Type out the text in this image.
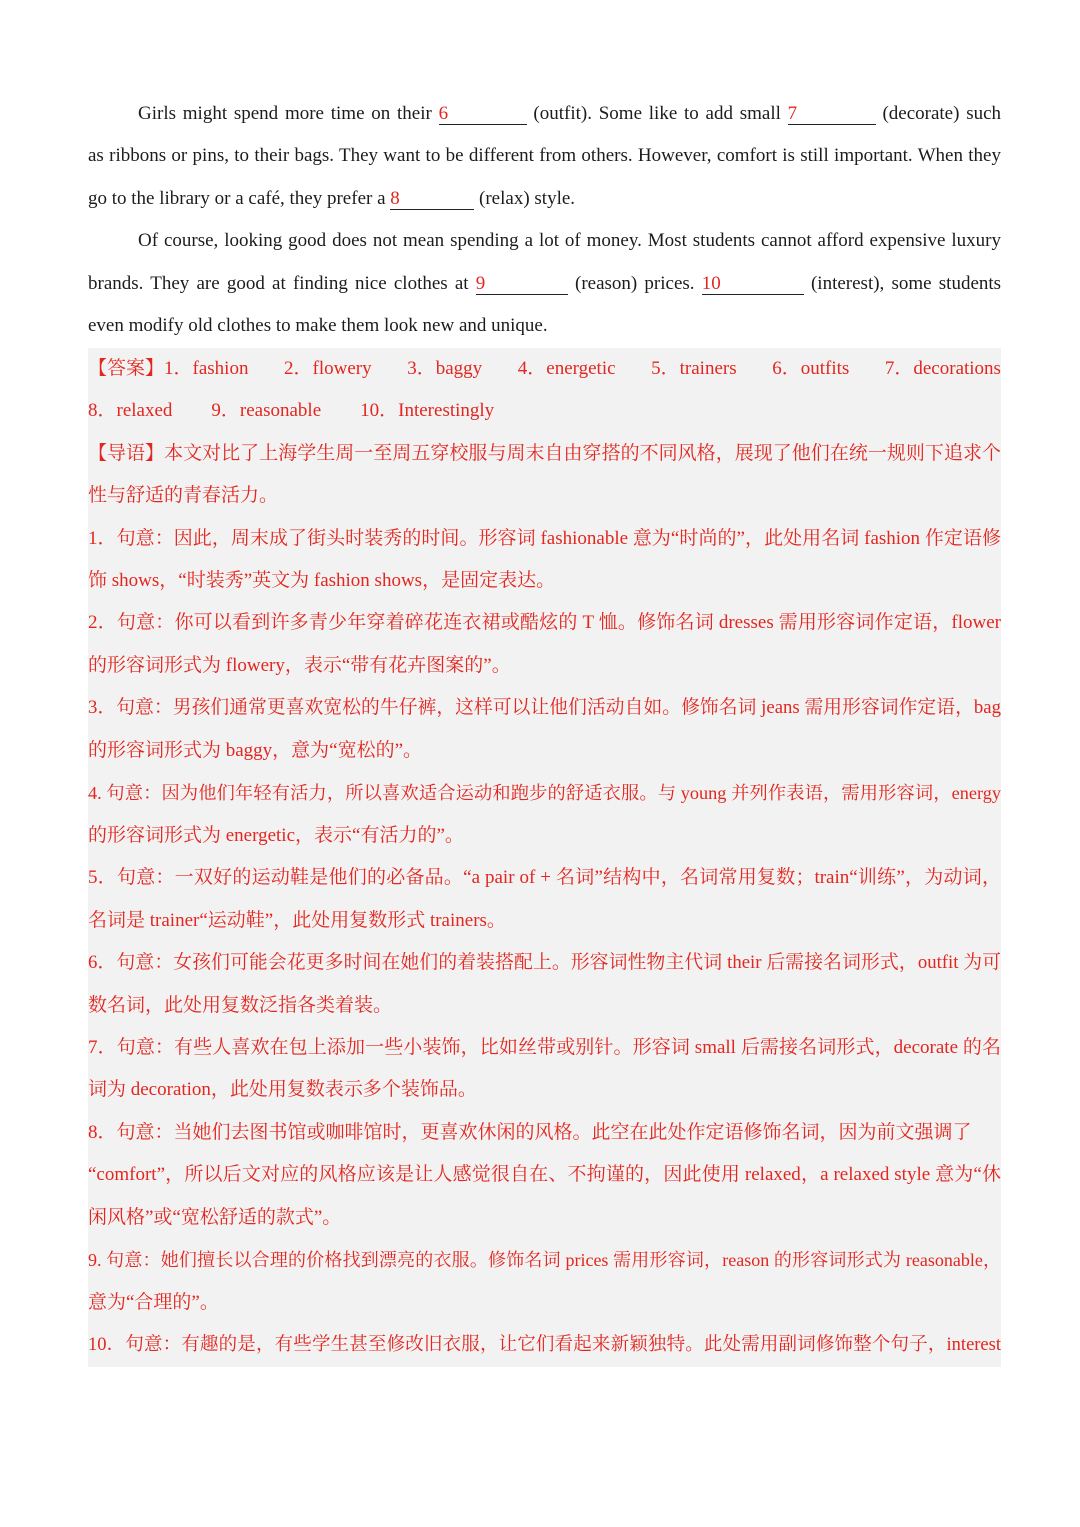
Girls might spend more time on their 6	(outfit). Some like to add small 7	(decorate) such
as ribbons or pins, to their bags. They want to be different from others. However, comfort is still important. When they
go to the library or a café, they prefer a 8	(relax) style.
Of course, looking good does not mean spending a lot of money. Most students cannot afford expensive luxury
brands. They are good at finding nice clothes at 9	(reason) prices. 10	(interest), some students
even modify old clothes to make them look new and unique.
【答案】1．fashion 2．flowery 3．baggy 4．energetic 5．trainers 6．outfits 7．decorations
8．relaxed 9．reasonable 10．Interestingly
【导语】本文对比了上海学生周一至周五穿校服与周末自由穿搭的不同风格，展现了他们在统一规则下追求个
性与舒适的青春活力。
1．句意：因此，周末成了街头时装秀的时间。形容词 fashionable 意为“时尚的”，此处用名词 fashion 作定语修
饰 shows，“时装秀”英文为 fashion shows，是固定表达。
2．句意：你可以看到许多青少年穿着碎花连衣裙或酷炫的 T 恤。修饰名词 dresses 需用形容词作定语，flower
的形容词形式为 flowery，表示“带有花卉图案的”。
3．句意：男孩们通常更喜欢宽松的牛仔裤，这样可以让他们活动自如。修饰名词 jeans 需用形容词作定语，bag
的形容词形式为 baggy，意为“宽松的”。
4. 句意：因为他们年轻有活力，所以喜欢适合运动和跑步的舒适衣服。与 young 并列作表语，需用形容词，energy
的形容词形式为 energetic，表示“有活力的”。
5．句意：一双好的运动鞋是他们的必备品。“a pair of + 名词”结构中，名词常用复数；train“训练”，为动词，
名词是 trainer“运动鞋”，此处用复数形式 trainers。
6．句意：女孩们可能会花更多时间在她们的着装搭配上。形容词性物主代词 their 后需接名词形式，outfit 为可
数名词，此处用复数泛指各类着装。
7．句意：有些人喜欢在包上添加一些小装饰，比如丝带或别针。形容词 small 后需接名词形式，decorate 的名
词为 decoration，此处用复数表示多个装饰品。
8．句意：当她们去图书馆或咖啡馆时，更喜欢休闲的风格。此空在此处作定语修饰名词，因为前文强调了
“comfort”，所以后文对应的风格应该是让人感觉很自在、不拘谨的，因此使用 relaxed，a relaxed style 意为“休
闲风格”或“宽松舒适的款式”。
9. 句意：她们擅长以合理的价格找到漂亮的衣服。修饰名词 prices 需用形容词，reason 的形容词形式为 reasonable，
意为“合理的”。
10．句意：有趣的是，有些学生甚至修改旧衣服，让它们看起来新颖独特。此处需用副词修饰整个句子，interest
